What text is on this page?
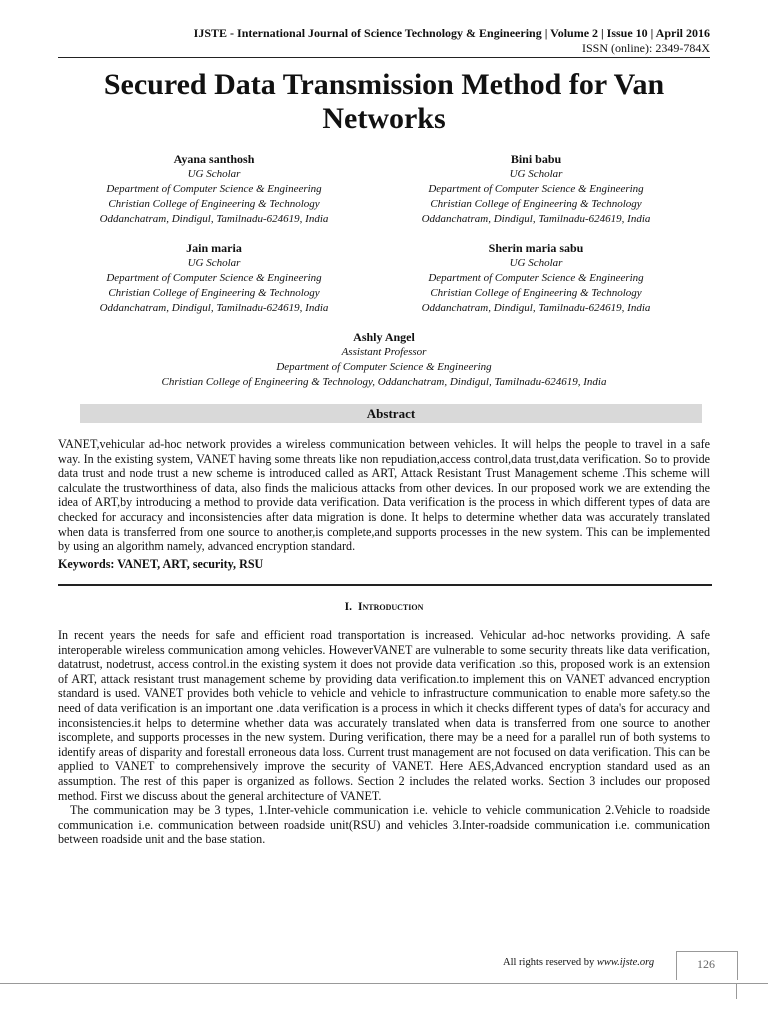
IJSTE - International Journal of Science Technology & Engineering | Volume 2 | Issue 10 | April 2016
ISSN (online): 2349-784X
Secured Data Transmission Method for Van Networks
Ayana santhosh
UG Scholar
Department of Computer Science & Engineering
Christian College of Engineering & Technology
Oddanchatram, Dindigul, Tamilnadu-624619, India
Bini babu
UG Scholar
Department of Computer Science & Engineering
Christian College of Engineering & Technology
Oddanchatram, Dindigul, Tamilnadu-624619, India
Jain maria
UG Scholar
Department of Computer Science & Engineering
Christian College of Engineering & Technology
Oddanchatram, Dindigul, Tamilnadu-624619, India
Sherin maria sabu
UG Scholar
Department of Computer Science & Engineering
Christian College of Engineering & Technology
Oddanchatram, Dindigul, Tamilnadu-624619, India
Ashly Angel
Assistant Professor
Department of Computer Science & Engineering
Christian College of Engineering & Technology, Oddanchatram, Dindigul, Tamilnadu-624619, India
Abstract
VANET,vehicular ad-hoc network provides a wireless communication between vehicles. It will helps the people to travel in a safe way. In the existing system, VANET having some threats like non repudiation,access control,data trust,data verification. So to provide data trust and node trust a new scheme is introduced called as ART, Attack Resistant Trust Management scheme .This scheme will calculate the trustworthiness of data, also finds the malicious attacks from other devices. In our proposed work we are extending the idea of ART,by introducing a method to provide data verification. Data verification is the process in which different types of data are checked for accuracy and inconsistencies after data migration is done. It helps to determine whether data was accurately translated when data is transferred from one source to another,is complete,and supports processes in the new system. This can be implemented by using an algorithm namely, advanced encryption standard.
Keywords: VANET, ART, security, RSU
I. Introduction

In recent years the needs for safe and efficient road transportation is increased. Vehicular ad-hoc networks providing. A safe interoperable wireless communication among vehicles. HoweverVANET are vulnerable to some security threats like data verification, datatrust, nodetrust, access control.in the existing system it does not provide data verification .so this, proposed work is an extension of ART, attack resistant trust management scheme by providing data verification.to implement this on VANET advanced encryption standard is used. VANET provides both vehicle to vehicle and vehicle to infrastructure communication to enable more safety.so the need of data verification is an important one .data verification is a process in which it checks different types of data's for accuracy and inconsistencies.it helps to determine whether data was accurately translated when data is transferred from one source to another iscomplete, and supports processes in the new system. During verification, there may be a need for a parallel run of both systems to identify areas of disparity and forestall erroneous data loss. Current trust management are not focused on data verification. This can be applied to VANET to comprehensively improve the security of VANET. Here AES,Advanced encryption standard used as an assumption. The rest of this paper is organized as follows. Section 2 includes the related works. Section 3 includes our proposed method. First we discuss about the general architecture of VANET.

The communication may be 3 types, 1.Inter-vehicle communication i.e. vehicle to vehicle communication 2.Vehicle to roadside communication i.e. communication between roadside unit(RSU) and vehicles 3.Inter-roadside communication i.e. communication between roadside unit and the base station.

All rights reserved by www.ijste.org	126
